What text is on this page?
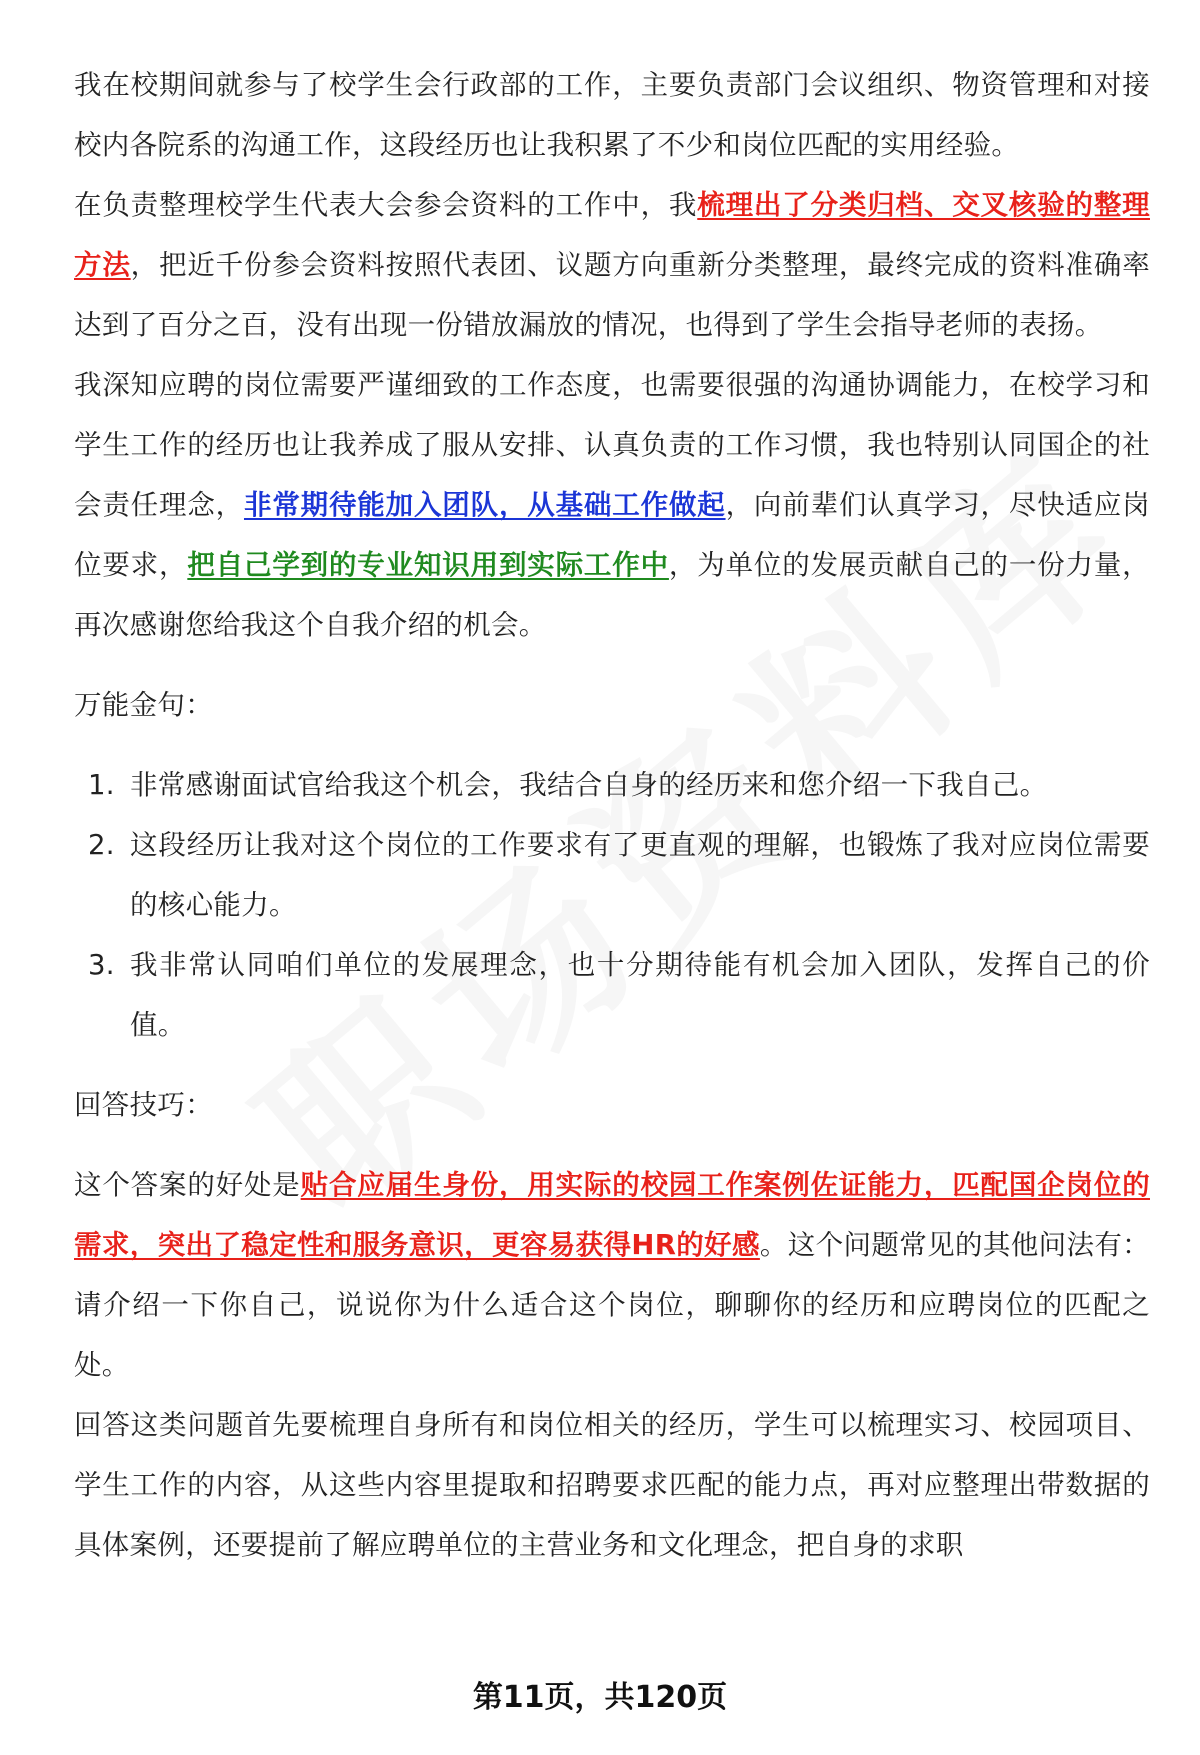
我在校期间就参与了校学生会行政部的工作，主要负责部门会议组织、物资管理和对接校内各院系的沟通工作，这段经历也让我积累了不少和岗位匹配的实用经验。

在负责整理校学生代表大会参会资料的工作中，我梳理出了分类归档、交叉核验的整理方法，把近千份参会资料按照代表团、议题方向重新分类整理，最终完成的资料准确率达到了百分之百，没有出现一份错放漏放的情况，也得到了学生会指导老师的表扬。

我深知应聘的岗位需要严谨细致的工作态度，也需要很强的沟通协调能力，在校学习和学生工作的经历也让我养成了服从安排、认真负责的工作习惯，我也特别认同国企的社会责任理念，非常期待能加入团队，从基础工作做起，向前辈们认真学习，尽快适应岗位要求，把自己学到的专业知识用到实际工作中，为单位的发展贡献自己的一份力量，再次感谢您给我这个自我介绍的机会。

万能金句：

1. 非常感谢面试官给我这个机会，我结合自身的经历来和您介绍一下我自己。
2. 这段经历让我对这个岗位的工作要求有了更直观的理解，也锻炼了我对应岗位需要的核心能力。
3. 我非常认同咱们单位的发展理念，也十分期待能有机会加入团队，发挥自己的价值。

回答技巧：

这个答案的好处是贴合应届生身份，用实际的校园工作案例佐证能力，匹配国企岗位的需求，突出了稳定性和服务意识，更容易获得HR的好感。这个问题常见的其他问法有：请介绍一下你自己，说说你为什么适合这个岗位，聊聊你的经历和应聘岗位的匹配之处。

回答这类问题首先要梳理自身所有和岗位相关的经历，学生可以梳理实习、校园项目、学生工作的内容，从这些内容里提取和招聘要求匹配的能力点，再对应整理出带数据的具体案例，还要提前了解应聘单位的主营业务和文化理念，把自身的求职

第11页，共120页
